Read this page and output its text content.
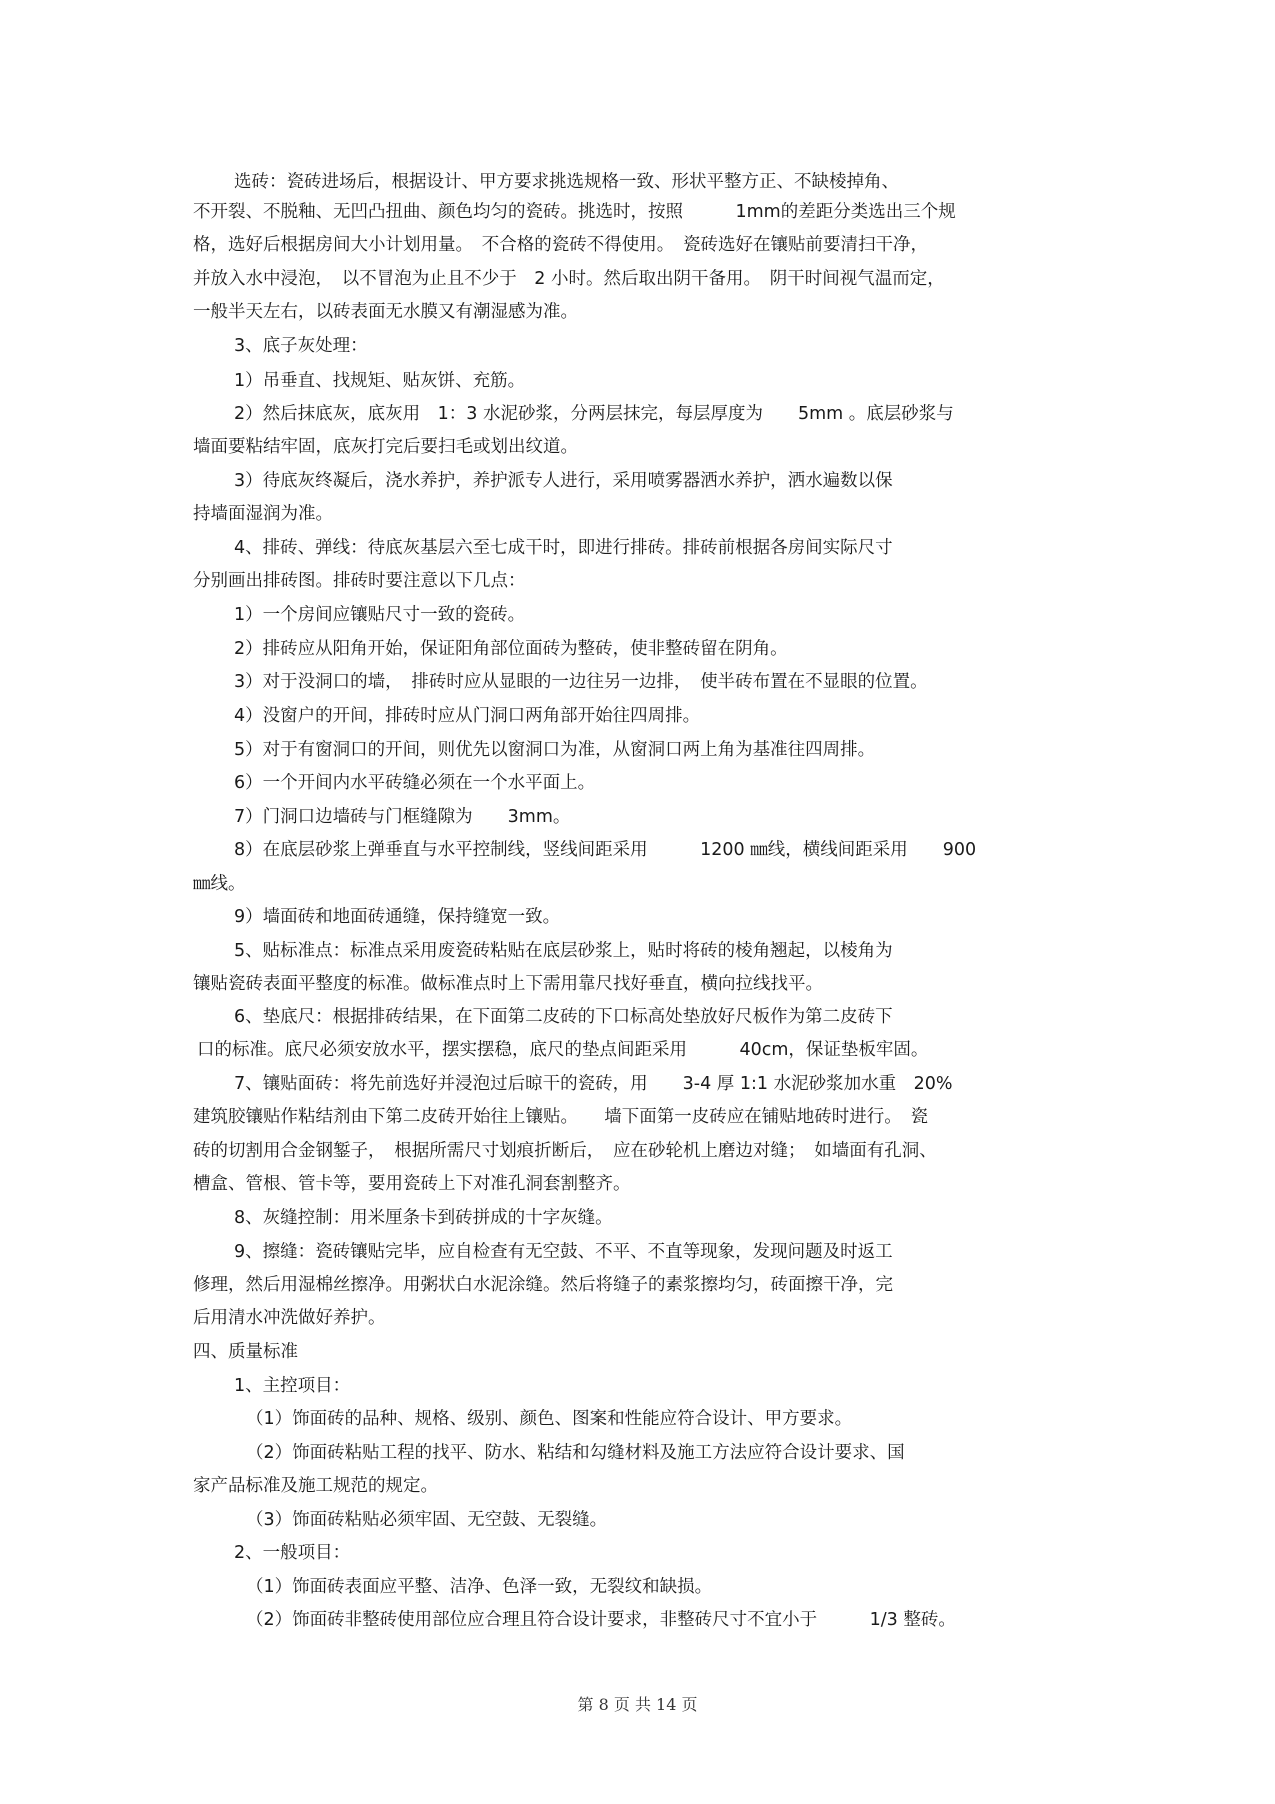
选砖：瓷砖进场后，根据设计、甲方要求挑选规格一致、形状平整方正、不缺棱掉角、
不开裂、不脱釉、无凹凸扭曲、颜色均匀的瓷砖。挑选时，按照　　　1mm的差距分类选出三个规
格，选好后根据房间大小计划用量。　不合格的瓷砖不得使用。　瓷砖选好在镶贴前要清扫干净，
并放入水中浸泡，　以不冒泡为止且不少于　2 小时。然后取出阴干备用。　阴干时间视气温而定，
一般半天左右，以砖表面无水膜又有潮湿感为准。
3、底子灰处理：
1）吊垂直、找规矩、贴灰饼、充筋。
2）然后抹底灰，底灰用　1：3 水泥砂浆，分两层抹完，每层厚度为　　5mm 。底层砂浆与
墙面要粘结牢固，底灰打完后要扫毛或划出纹道。
3）待底灰终凝后，浇水养护，养护派专人进行，采用喷雾器洒水养护，洒水遍数以保
持墙面湿润为准。
4、排砖、弹线：待底灰基层六至七成干时，即进行排砖。排砖前根据各房间实际尺寸
分别画出排砖图。排砖时要注意以下几点：
1）一个房间应镶贴尺寸一致的瓷砖。
2）排砖应从阳角开始，保证阳角部位面砖为整砖，使非整砖留在阴角。
3）对于没洞口的墙，　排砖时应从显眼的一边往另一边排，　使半砖布置在不显眼的位置。
4）没窗户的开间，排砖时应从门洞口两角部开始往四周排。
5）对于有窗洞口的开间，则优先以窗洞口为准，从窗洞口两上角为基准往四周排。
6）一个开间内水平砖缝必须在一个水平面上。
7）门洞口边墙砖与门框缝隙为　　3mm。
8）在底层砂浆上弹垂直与水平控制线，竖线间距采用　　　1200 ㎜线，横线间距采用　　900
㎜线。
9）墙面砖和地面砖通缝，保持缝宽一致。
5、贴标准点：标准点采用废瓷砖粘贴在底层砂浆上，贴时将砖的棱角翘起，以棱角为
镶贴瓷砖表面平整度的标准。做标准点时上下需用靠尺找好垂直，横向拉线找平。
6、垫底尺：根据排砖结果，在下面第二皮砖的下口标高处垫放好尺板作为第二皮砖下
口的标准。底尺必须安放水平，摆实摆稳，底尺的垫点间距采用　　　40cm，保证垫板牢固。
7、镶贴面砖：将先前选好并浸泡过后晾干的瓷砖，用　　3-4 厚 1:1 水泥砂浆加水重　20%
建筑胶镶贴作粘结剂由下第二皮砖开始往上镶贴。　　墙下面第一皮砖应在铺贴地砖时进行。　瓷
砖的切割用合金钢錾子，　根据所需尺寸划痕折断后，　应在砂轮机上磨边对缝；　如墙面有孔洞、
槽盒、管根、管卡等，要用瓷砖上下对准孔洞套割整齐。
8、灰缝控制：用米厘条卡到砖拼成的十字灰缝。
9、擦缝：瓷砖镶贴完毕，应自检查有无空鼓、不平、不直等现象，发现问题及时返工
修理，然后用湿棉丝擦净。用粥状白水泥涂缝。然后将缝子的素浆擦均匀，砖面擦干净，完
后用清水冲洗做好养护。
四、质量标准
1、主控项目：
（1）饰面砖的品种、规格、级别、颜色、图案和性能应符合设计、甲方要求。
（2）饰面砖粘贴工程的找平、防水、粘结和勾缝材料及施工方法应符合设计要求、国
家产品标准及施工规范的规定。
（3）饰面砖粘贴必须牢固、无空鼓、无裂缝。
2、一般项目：
（1）饰面砖表面应平整、洁净、色泽一致，无裂纹和缺损。
（2）饰面砖非整砖使用部位应合理且符合设计要求，非整砖尺寸不宜小于　　　1/3 整砖。
第 8 页 共 14 页
